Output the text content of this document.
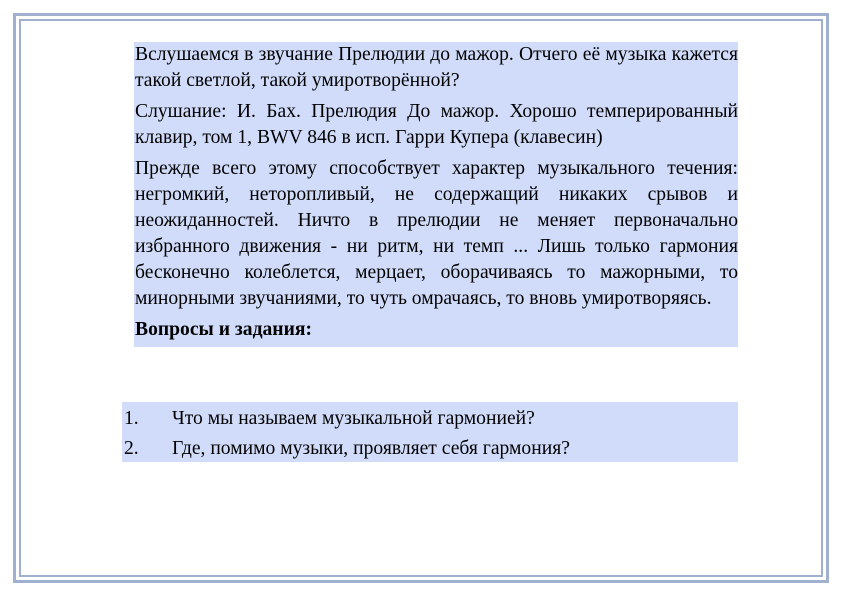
Вслушаемся в звучание Прелюдии до мажор. Отчего её музыка кажется такой светлой, такой умиротворённой?

Слушание: И. Бах. Прелюдия До мажор. Хорошо темперированный клавир, том 1, BWV 846 в исп. Гарри Купера (клавесин)

Прежде всего этому способствует характер музыкального течения: негромкий, неторопливый, не содержащий никаких срывов и неожиданностей. Ничто в прелюдии не меняет первоначально избранного движения - ни ритм, ни темп ... Лишь только гармония бесконечно колеблется, мерцает, оборачиваясь то мажорными, то минорными звучаниями, то чуть омрачаясь, то вновь умиротворяясь.

Вопросы и задания:

1. Что мы называем музыкальной гармонией?
2. Где, помимо музыки, проявляет себя гармония?
